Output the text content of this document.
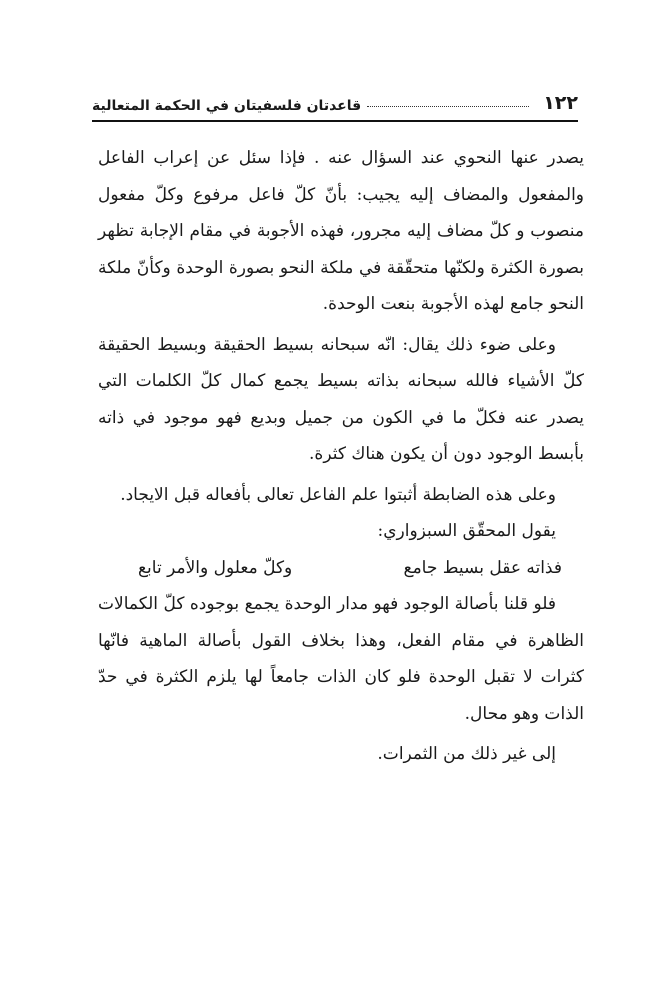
١٢٢
قاعدتان فلسفيتان في الحكمة المتعالية

يصدر عنها النحوي عند السؤال عنه . فإذا سئل عن إعراب الفاعل والمفعول والمضاف إليه يجيب: بأنّ كلّ فاعل مرفوع وكلّ مفعول منصوب و كلّ مضاف إليه مجرور، فهذه الأجوبة في مقام الإجابة تظهر بصورة الكثرة ولكنّها متحقّقة في ملكة النحو بصورة الوحدة وكأنّ ملكة النحو جامع لهذه الأجوبة بنعت الوحدة.

وعلى ضوء ذلك يقال: انّه سبحانه بسيط الحقيقة وبسيط الحقيقة كلّ الأشياء فالله سبحانه بذاته بسيط يجمع كمال كلّ الكلمات التي يصدر عنه فكلّ ما في الكون من جميل وبديع فهو موجود في ذاته بأبسط الوجود دون أن يكون هناك كثرة.

وعلى هذه الضابطة أثبتوا علم الفاعل تعالى بأفعاله قبل الايجاد.

يقول المحقّق السبزواري:

فذاته عقل بسيط جامع
وكلّ معلول والأمر تابع

فلو قلنا بأصالة الوجود فهو مدار الوحدة يجمع بوجوده كلّ الكمالات الظاهرة في مقام الفعل، وهذا بخلاف القول بأصالة الماهية فانّها كثرات لا تقبل الوحدة فلو كان الذات جامعاً لها يلزم الكثرة في حدّ الذات وهو محال.

إلى غير ذلك من الثمرات.
